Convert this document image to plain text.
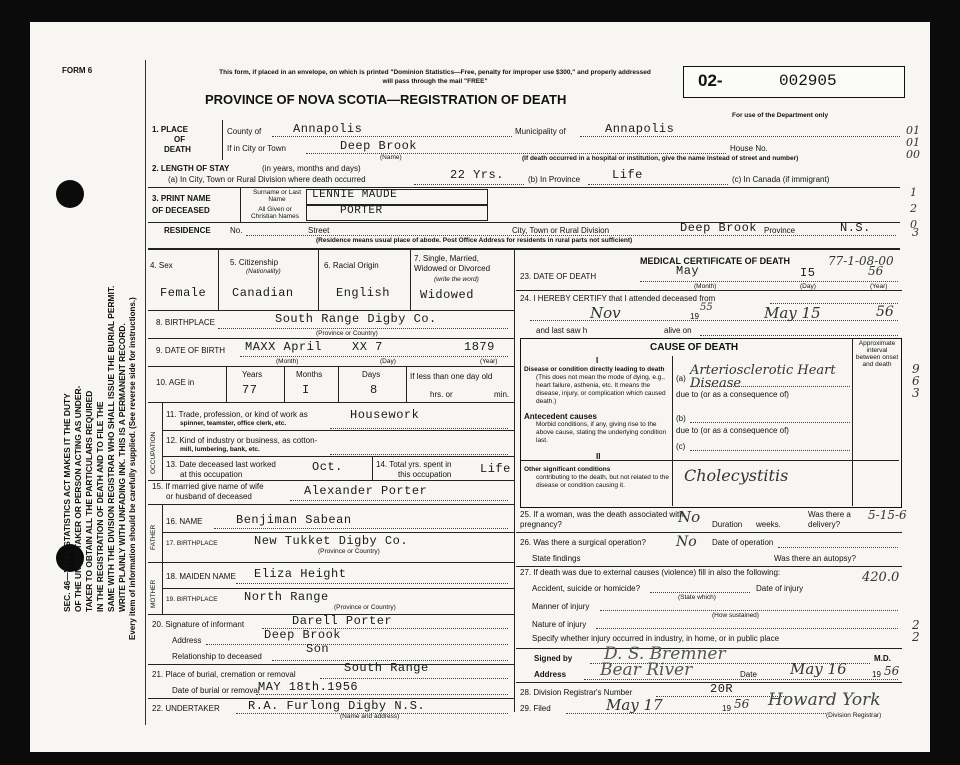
SEC. 46—VITAL STATISTICS ACT MAKES IT THE DUTY OF THE UNDERTAKER OR PERSON ACTING AS UNDER- TAKER TO OBTAIN ALL THE PARTICULARS REQUIRED IN THE REGISTRATION OF DEATH AND TO FILE THE SAME WITH THE DIVISION REGISTRAR WHO SHALL ISSUE THE BURIAL PERMIT. WRITE PLAINLY WITH UNFADING INK. THIS IS A PERMANENT RECORD. Every item of information should be carefully supplied. (See reverse side for instructions.)
FORM 6	This form, if placed in an envelope, on which is printed "Dominion Statistics—Free, penalty for improper use $300," and properly addressed will pass through the mail "FREE"
PROVINCE OF NOVA SCOTIA—REGISTRATION OF DEATH
02-	002905
For use of the Department only
01
01
00
1
2
0
3
9
6
3
2
2
1. PLACE
OF
DEATH
County of	Annapolis	Municipality of	Annapolis
If in City or Town	Deep Brook
(Name)
House No.
(If death occurred in a hospital or institution, give the name instead of street and number)
2. LENGTH OF STAY	(in years, months and days)
(a) In City, Town or Rural Division where death occurred	22 Yrs.	(b) In Province	Life	(c) In Canada (if immigrant)
3. PRINT NAME
OF DECEASED
Surname or Last Name
All Given or Christian Names
LENNIE MAUDE
PORTER
RESIDENCE No.	Street	City, Town or Rural Division	Deep Brook Province	N.S.
(Residence means usual place of abode. Post Office Address for residents in rural parts not sufficient)
4. Sex
Female
5. Citizenship
(Nationality)
Canadian
6. Racial Origin
English
7. Single, Married, Widowed or Divorced
(write the word)
Widowed
8. BIRTHPLACE	South Range Digby Co.
(Province or Country)
9. DATE OF BIRTH MAXX April XX 7	1879
(Month)	(Day)	(Year)
10. AGE in
Years	Months	Days
77	I	8
If less than one day old
hrs. or	min.
OCCUPATION
11. Trade, profession, or kind of work as
spinner, teamster, office clerk, etc.
Housework
12. Kind of industry or business, as cotton-
mill, lumbering, bank, etc.
13. Date deceased last worked
at this occupation
Oct.	14. Total yrs. spent in
this occupation Life
15. If married give name of wife
or husband of deceased	Alexander Porter
FATHER
16. NAME	Benjiman Sabean
17. BIRTHPLACE	New Tukket Digby Co.
(Province or Country)
MOTHER
18. MAIDEN NAME Eliza Height
19. BIRTHPLACE North Range
(Province or Country)
20. Signature of informant	Darell Porter
Address	Deep Brook
Relationship to deceased
Son
21. Place of burial, cremation or removal	South Range
Date of burial or removal
MAY 18th.1956
22. UNDERTAKER R.A. Furlong Digby N.S.
(Name and address)
MEDICAL CERTIFICATE OF DEATH	77-1-08-00
23. DATE OF DEATH	May	I5	56
(Month)	(Day)	(Year)
24. I HEREBY CERTIFY that I attended deceased from
Nov	55	May 15	56
19
and last saw h	alive on
CAUSE OF DEATH	Approximate interval between onset and death
I
Disease or condition directly leading to death
(This does not mean the mode of dying, e.g., heart failure, asthenia, etc. It means the disease, injury, or complication which caused death.)
(a)
Arteriosclerotic Heart Disease
due to (or as a consequence of)
Antecedent causes
Morbid conditions, if any, giving rise to the above cause, stating the underlying condition last.
(b)
due to (or as a consequence of)
(c)
II
Other significant conditions
contributing to the death, but not related to the disease or condition causing it.
Cholecystitis
25. If a woman, was the death associated with pregnancy?	No Duration weeks.
Was there a delivery?
5-15-6
26. Was there a surgical operation? No Date of operation
State findings	Was there an autopsy?
27. If death was due to external causes (violence) fill in also the following:	420.0
Accident, suicide or homicide?	Date of injury
(State which)
Manner of injury
(How sustained)
Nature of injury
Specify whether injury occurred in industry, in home, or in public place
Signed by D. S. Bremner	M.D.
Address Bear River	Date May 16	19 56
28. Division Registrar's Number	20R
29. Filed	May 17	19 56 Howard York
(Division Registrar)
